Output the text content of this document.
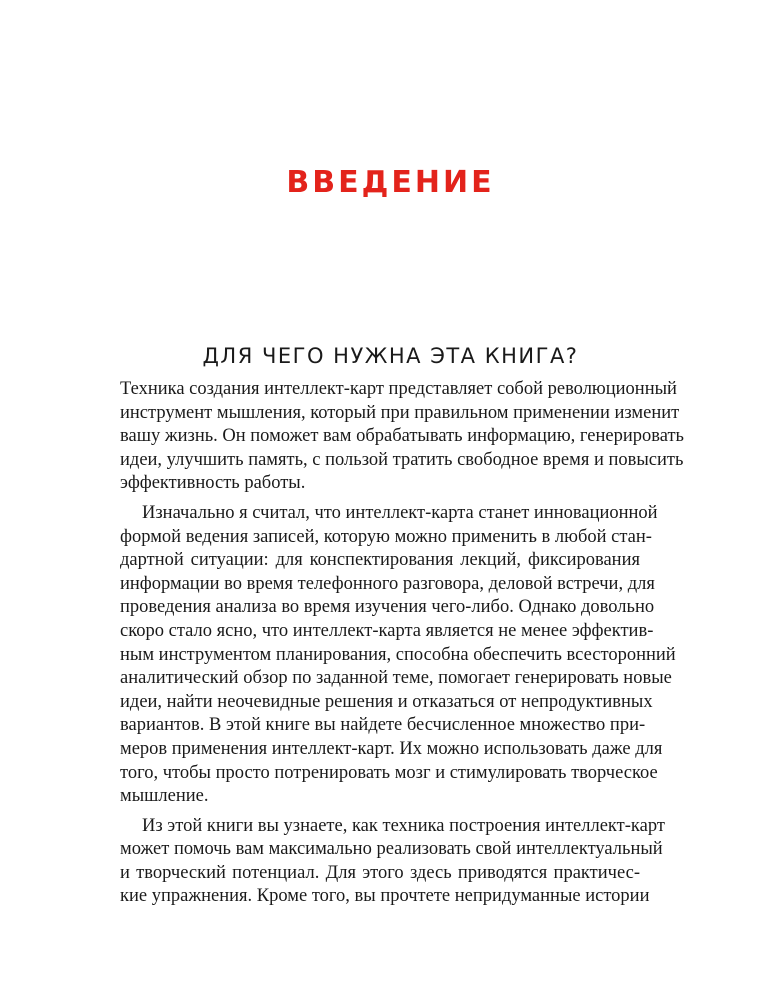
ВВЕДЕНИЕ
ДЛЯ ЧЕГО НУЖНА ЭТА КНИГА?

Техника создания интеллект-карт представляет собой революционный
инструмент мышления, который при правильном применении изменит
вашу жизнь. Он поможет вам обрабатывать информацию, генерировать
идеи, улучшить память, с пользой тратить свободное время и повысить
эффективность работы.

Изначально я считал, что интеллект-карта станет инновационной
формой ведения записей, которую можно применить в любой стан-
дартной ситуации: для конспектирования лекций, фиксирования
информации во время телефонного разговора, деловой встречи, для
проведения анализа во время изучения чего-либо. Однако довольно
скоро стало ясно, что интеллект-карта является не менее эффектив-
ным инструментом планирования, способна обеспечить всесторонний
аналитический обзор по заданной теме, помогает генерировать новые
идеи, найти неочевидные решения и отказаться от непродуктивных
вариантов. В этой книге вы найдете бесчисленное множество при-
меров применения интеллект-карт. Их можно использовать даже для
того, чтобы просто потренировать мозг и стимулировать творческое
мышление.

Из этой книги вы узнаете, как техника построения интеллект-карт
может помочь вам максимально реализовать свой интеллектуальный
и творческий потенциал. Для этого здесь приводятся практичес-
кие упражнения. Кроме того, вы прочтете непридуманные истории
